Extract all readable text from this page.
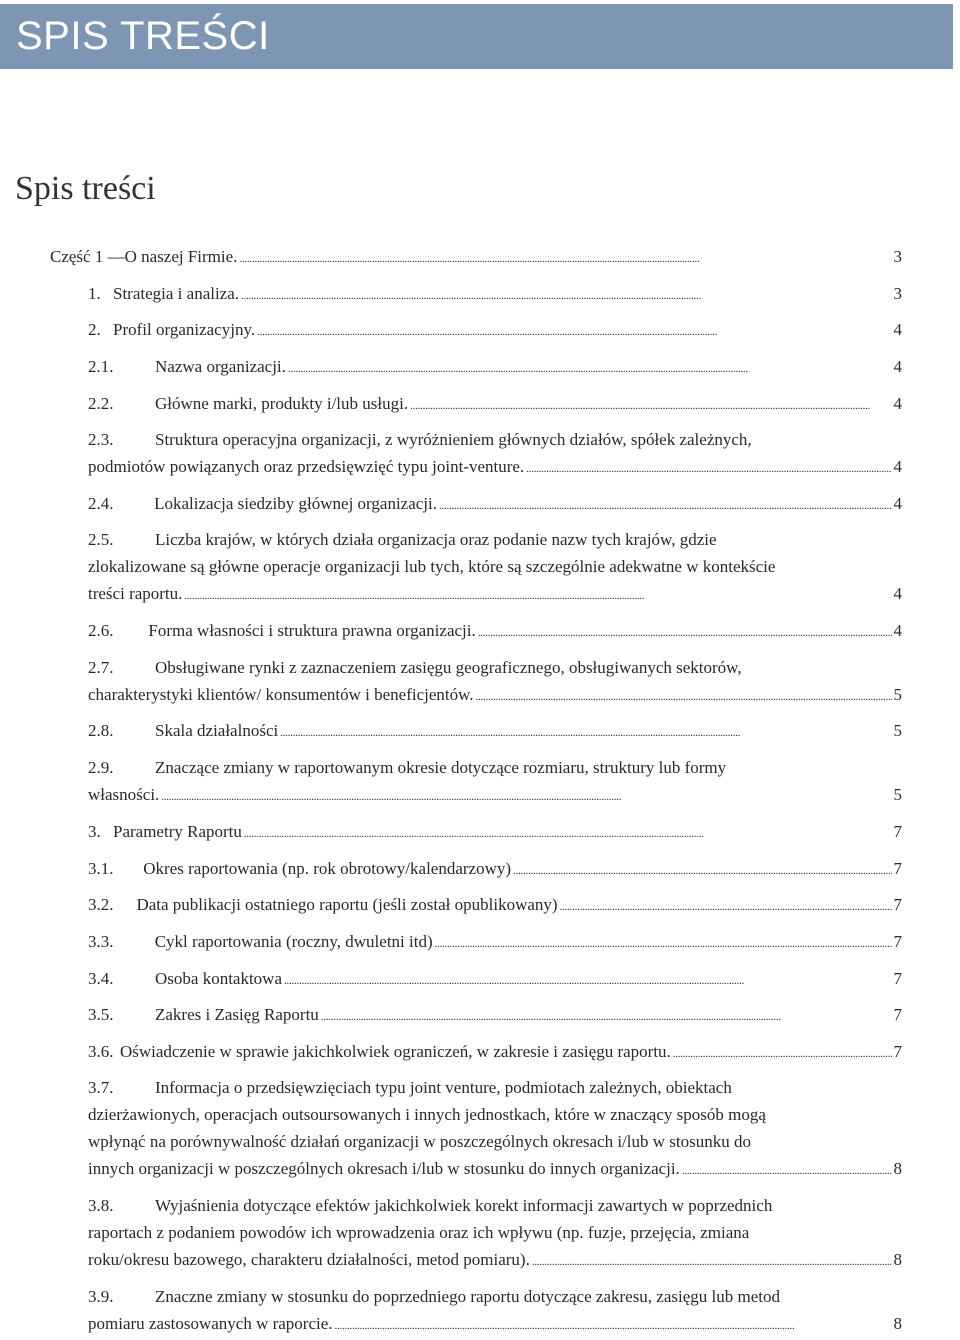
SPIS TREŚCI
Spis treści
Część 1 — O naszej Firmie. . . .	3
1. Strategia i analiza. . . .	3
2. Profil organizacyjny. . . .	4
2.1.	Nazwa organizacji. . . .	4
2.2.	Główne marki, produkty i/lub usługi. . . .	4
2.3. Struktura operacyjna organizacji, z wyróżnieniem głównych działów, spółek zależnych,
podmiotów powiązanych oraz przedsięwzięć typu joint-venture. . . .	4
2.4.	Lokalizacja siedziby głównej organizacji. . . .	4
2.5. Liczba krajów, w których działa organizacja oraz podanie nazw tych krajów, gdzie
zlokalizowane są główne operacje organizacji lub tych, które są szczególnie adekwatne w kontekście
treści raportu. . . .	4
2.6.	Forma własności i struktura prawna organizacji. . . .	4
2.7. Obsługiwane rynki z zaznaczeniem zasięgu geograficznego, obsługiwanych sektorów,
charakterystyki klientów/ konsumentów i beneficjentów. . . .	5
2.8.	Skala działalności . . .	5
2.9. Znaczące zmiany w raportowanym okresie dotyczące rozmiaru, struktury lub formy
własności. . . .	5
3. Parametry Raportu . . .	7
3.1.	Okres raportowania (np. rok obrotowy/kalendarzowy) . . .	7
3.2.	Data publikacji ostatniego raportu (jeśli został opublikowany) . . .	7
3.3.	Cykl raportowania (roczny, dwuletni itd) . . .	7
3.4.	Osoba kontaktowa . . .	7
3.5.	Zakres i Zasięg Raportu . . .	7
3.6. Oświadczenie w sprawie jakichkolwiek ograniczeń, w zakresie i zasięgu raportu. . . .	7
3.7. Informacja o przedsięwzięciach typu joint venture, podmiotach zależnych, obiektach
dzierżawionych, operacjach outsoursowanych i innych jednostkach, które w znaczący sposób mogą
wpłynąć na porównywalność działań organizacji w poszczególnych okresach i/lub w stosunku do
innych organizacji w poszczególnych okresach i/lub w stosunku do innych organizacji. . . .	8
3.8. Wyjaśnienia dotyczące efektów jakichkolwiek korekt informacji zawartych w poprzednich
raportach z podaniem powodów ich wprowadzenia oraz ich wpływu (np. fuzje, przejęcia, zmiana
roku/okresu bazowego, charakteru działalności, metod pomiaru). . . .	8
3.9. Znaczne zmiany w stosunku do poprzedniego raportu dotyczące zakresu, zasięgu lub metod
pomiaru zastosowanych w raporcie. . . .	8
